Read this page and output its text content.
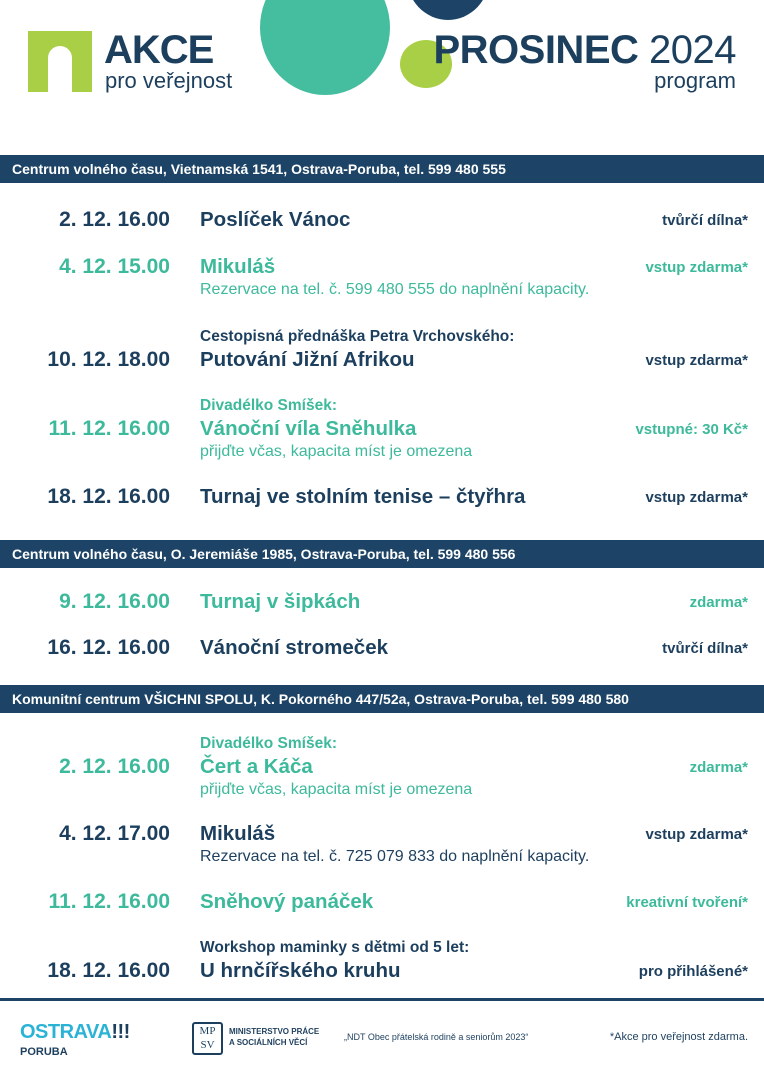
AKCE
pro veřejnost
PROSINEC 2024
program
Centrum volného času, Vietnamská 1541, Ostrava-Poruba, tel. 599 480 555
2. 12. 16.00 Poslíček Vánoc	tvůrčí dílna*
4. 12. 15.00 Mikuláš	vstup zdarma*
Rezervace na tel. č. 599 480 555 do naplnění kapacity.
10. 12. 18.00 Putování Jižní Afrikou	vstup zdarma*
Cestopisná přednáška Petra Vrchovského:
11. 12. 16.00 Vánoční víla Sněhulka	vstupné: 30 Kč*
Divadélko Smíšek:
přijďte včas, kapacita míst je omezena
18. 12. 16.00 Turnaj ve stolním tenise – čtyřhra	vstup zdarma*
Centrum volného času, O. Jeremiáše 1985, Ostrava-Poruba, tel. 599 480 556
9. 12. 16.00 Turnaj v šipkách	zdarma*
16. 12. 16.00 Vánoční stromeček	tvůrčí dílna*
Komunitní centrum VŠICHNI SPOLU, K. Pokorného 447/52a, Ostrava-Poruba, tel. 599 480 580
2. 12. 16.00 Čert a Káča	zdarma*
Divadélko Smíšek:
přijďte včas, kapacita míst je omezena
4. 12. 17.00 Mikuláš	vstup zdarma*
Rezervace na tel. č. 725 079 833 do naplnění kapacity.
11. 12. 16.00 Sněhový panáček	kreativní tvoření*
18. 12. 16.00 U hrnčířského kruhu	pro přihlášené*
Workshop maminky s dětmi od 5 let:
OSTRAVA!!!
PORUBA
MP
SV
MINISTERSTVO PRÁCE
A SOCIÁLNÍCH VĚCÍ
„NDT Obec přátelská rodině a seniorům 2023“	*Akce pro veřejnost zdarma.
